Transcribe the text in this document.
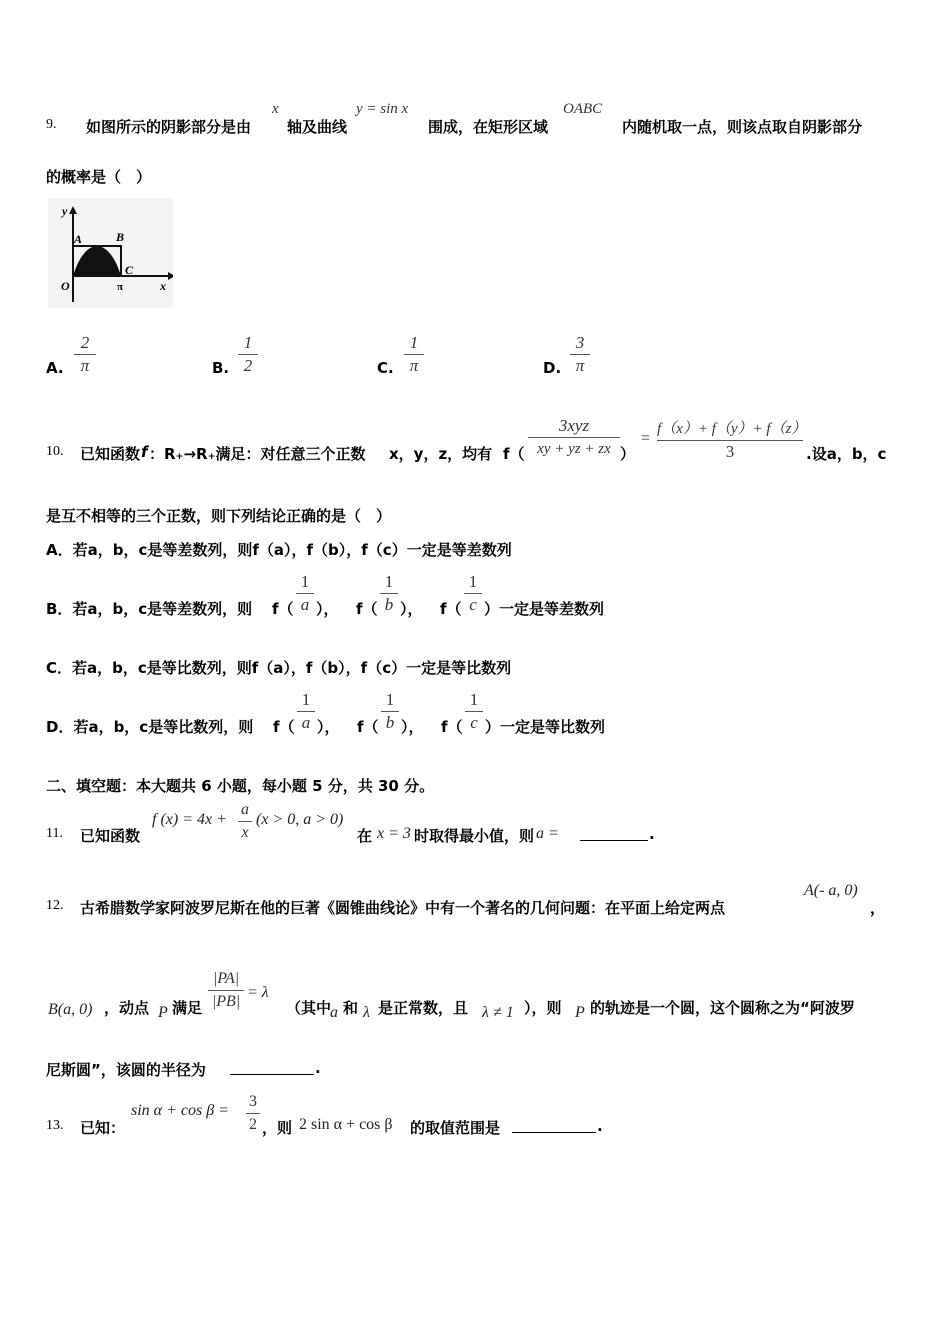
9. 如图所示的阴影部分是由
x
轴及曲线
y = sin x
围成，在矩形区域
OABC
内随机取一点，则该点取自阴影部分
的概率是（　）
y
x
O
A	B
C
π
A.
2
π	B.
1
2	C.
1
π	D.
3
π
10. 已知函数 f ：R₊→R₊满足：对任意三个正数 x，y，z，均有 f（
3xyz
xy + yz + zx ）
=
f（x）+ f（y）+ f（z）
3	.设a，b，c
是互不相等的三个正数，则下列结论正确的是（　）
A．若a，b，c是等差数列，则f（a），f（b），f（c）一定是等差数列
B．若a，b，c是等差数列，则 f（
1
a ）， f（
1
b ）， f（
1
c ） 一定是等差数列
C．若a，b，c是等比数列，则f（a），f（b），f（c）一定是等比数列
D．若a，b，c是等比数列，则 f（
1
a ）， f（
1
b ）， f（
1
c ） 一定是等比数列
二、填空题：本大题共 6 小题，每小题 5 分，共 30 分。
11. 已知函数
f (x) = 4x +
a
x
(x > 0, a > 0)
在 x = 3 时取得最小值，则 a =	.
12. 古希腊数学家阿波罗尼斯在他的巨著《圆锥曲线论》中有一个著名的几何问题：在平面上给定两点
A(- a, 0)
，
B(a, 0) ，动点 P 满足
|PA|
|PB|
= λ
（其中
a 和 λ 是正常数，且 λ ≠ 1 ），则 P 的轨迹是一个圆，这个圆称之为“阿波罗
尼斯圆”，该圆的半径为	.
13. 已知：
sin α + cos β =
3
2 ，则 2 sin α + cos β 的取值范围是	.
